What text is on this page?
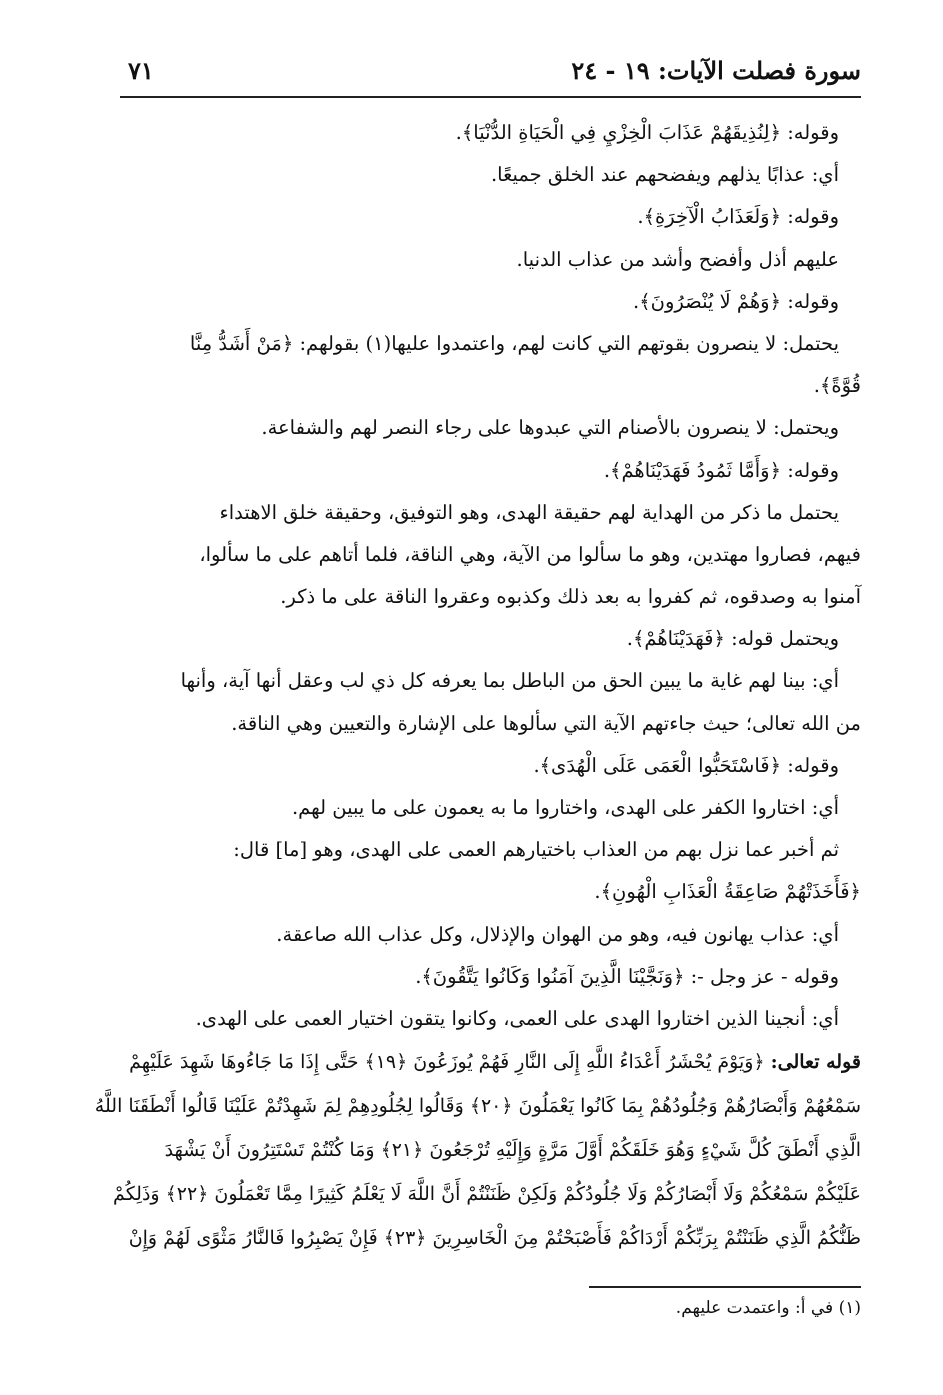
سورة فصلت الآيات: ١٩ - ٢٤
٧١

وقوله: ﴿لِنُذِيقَهُمْ عَذَابَ الْخِزْيِ فِي الْحَيَاةِ الدُّنْيَا﴾.

أي: عذابًا يذلهم ويفضحهم عند الخلق جميعًا.

وقوله: ﴿وَلَعَذَابُ الْآخِرَةِ﴾.

عليهم أذل وأفضح وأشد من عذاب الدنيا.

وقوله: ﴿وَهُمْ لَا يُنْصَرُونَ﴾.

يحتمل: لا ينصرون بقوتهم التي كانت لهم، واعتمدوا عليها(١) بقولهم: ﴿مَنْ أَشَدُّ مِنَّا

قُوَّةً﴾.

ويحتمل: لا ينصرون بالأصنام التي عبدوها على رجاء النصر لهم والشفاعة.

وقوله: ﴿وَأَمَّا ثَمُودُ فَهَدَيْنَاهُمْ﴾.

يحتمل ما ذكر من الهداية لهم حقيقة الهدى، وهو التوفيق، وحقيقة خلق الاهتداء

فيهم، فصاروا مهتدين، وهو ما سألوا من الآية، وهي الناقة، فلما أتاهم على ما سألوا،

آمنوا به وصدقوه، ثم كفروا به بعد ذلك وكذبوه وعقروا الناقة على ما ذكر.

ويحتمل قوله: ﴿فَهَدَيْنَاهُمْ﴾.

أي: بينا لهم غاية ما يبين الحق من الباطل بما يعرفه كل ذي لب وعقل أنها آية، وأنها

من الله تعالى؛ حيث جاءتهم الآية التي سألوها على الإشارة والتعيين وهي الناقة.

وقوله: ﴿فَاسْتَحَبُّوا الْعَمَى عَلَى الْهُدَى﴾.

أي: اختاروا الكفر على الهدى، واختاروا ما به يعمون على ما يبين لهم.

ثم أخبر عما نزل بهم من العذاب باختيارهم العمى على الهدى، وهو [ما] قال:

﴿فَأَخَذَتْهُمْ صَاعِقَةُ الْعَذَابِ الْهُونِ﴾.

أي: عذاب يهانون فيه، وهو من الهوان والإذلال، وكل عذاب الله صاعقة.

وقوله - عز وجل -: ﴿وَنَجَّيْنَا الَّذِينَ آمَنُوا وَكَانُوا يَتَّقُونَ﴾.

أي: أنجينا الذين اختاروا الهدى على العمى، وكانوا يتقون اختيار العمى على الهدى.

قوله تعالى: ﴿وَيَوْمَ يُحْشَرُ أَعْدَاءُ اللَّهِ إِلَى النَّارِ فَهُمْ يُوزَعُونَ ﴿١٩﴾ حَتَّى إِذَا مَا جَاءُوهَا شَهِدَ عَلَيْهِمْ

سَمْعُهُمْ وَأَبْصَارُهُمْ وَجُلُودُهُمْ بِمَا كَانُوا يَعْمَلُونَ ﴿٢٠﴾ وَقَالُوا لِجُلُودِهِمْ لِمَ شَهِدْتُمْ عَلَيْنَا قَالُوا أَنْطَقَنَا اللَّهُ

الَّذِي أَنْطَقَ كُلَّ شَيْءٍ وَهُوَ خَلَقَكُمْ أَوَّلَ مَرَّةٍ وَإِلَيْهِ تُرْجَعُونَ ﴿٢١﴾ وَمَا كُنْتُمْ تَسْتَتِرُونَ أَنْ يَشْهَدَ

عَلَيْكُمْ سَمْعُكُمْ وَلَا أَبْصَارُكُمْ وَلَا جُلُودُكُمْ وَلَكِنْ ظَنَنْتُمْ أَنَّ اللَّهَ لَا يَعْلَمُ كَثِيرًا مِمَّا تَعْمَلُونَ ﴿٢٢﴾ وَذَلِكُمْ

ظَنُّكُمُ الَّذِي ظَنَنْتُمْ بِرَبِّكُمْ أَرْدَاكُمْ فَأَصْبَحْتُمْ مِنَ الْخَاسِرِينَ ﴿٢٣﴾ فَإِنْ يَصْبِرُوا فَالنَّارُ مَثْوًى لَهُمْ وَإِنْ

(١) في أ: واعتمدت عليهم.
